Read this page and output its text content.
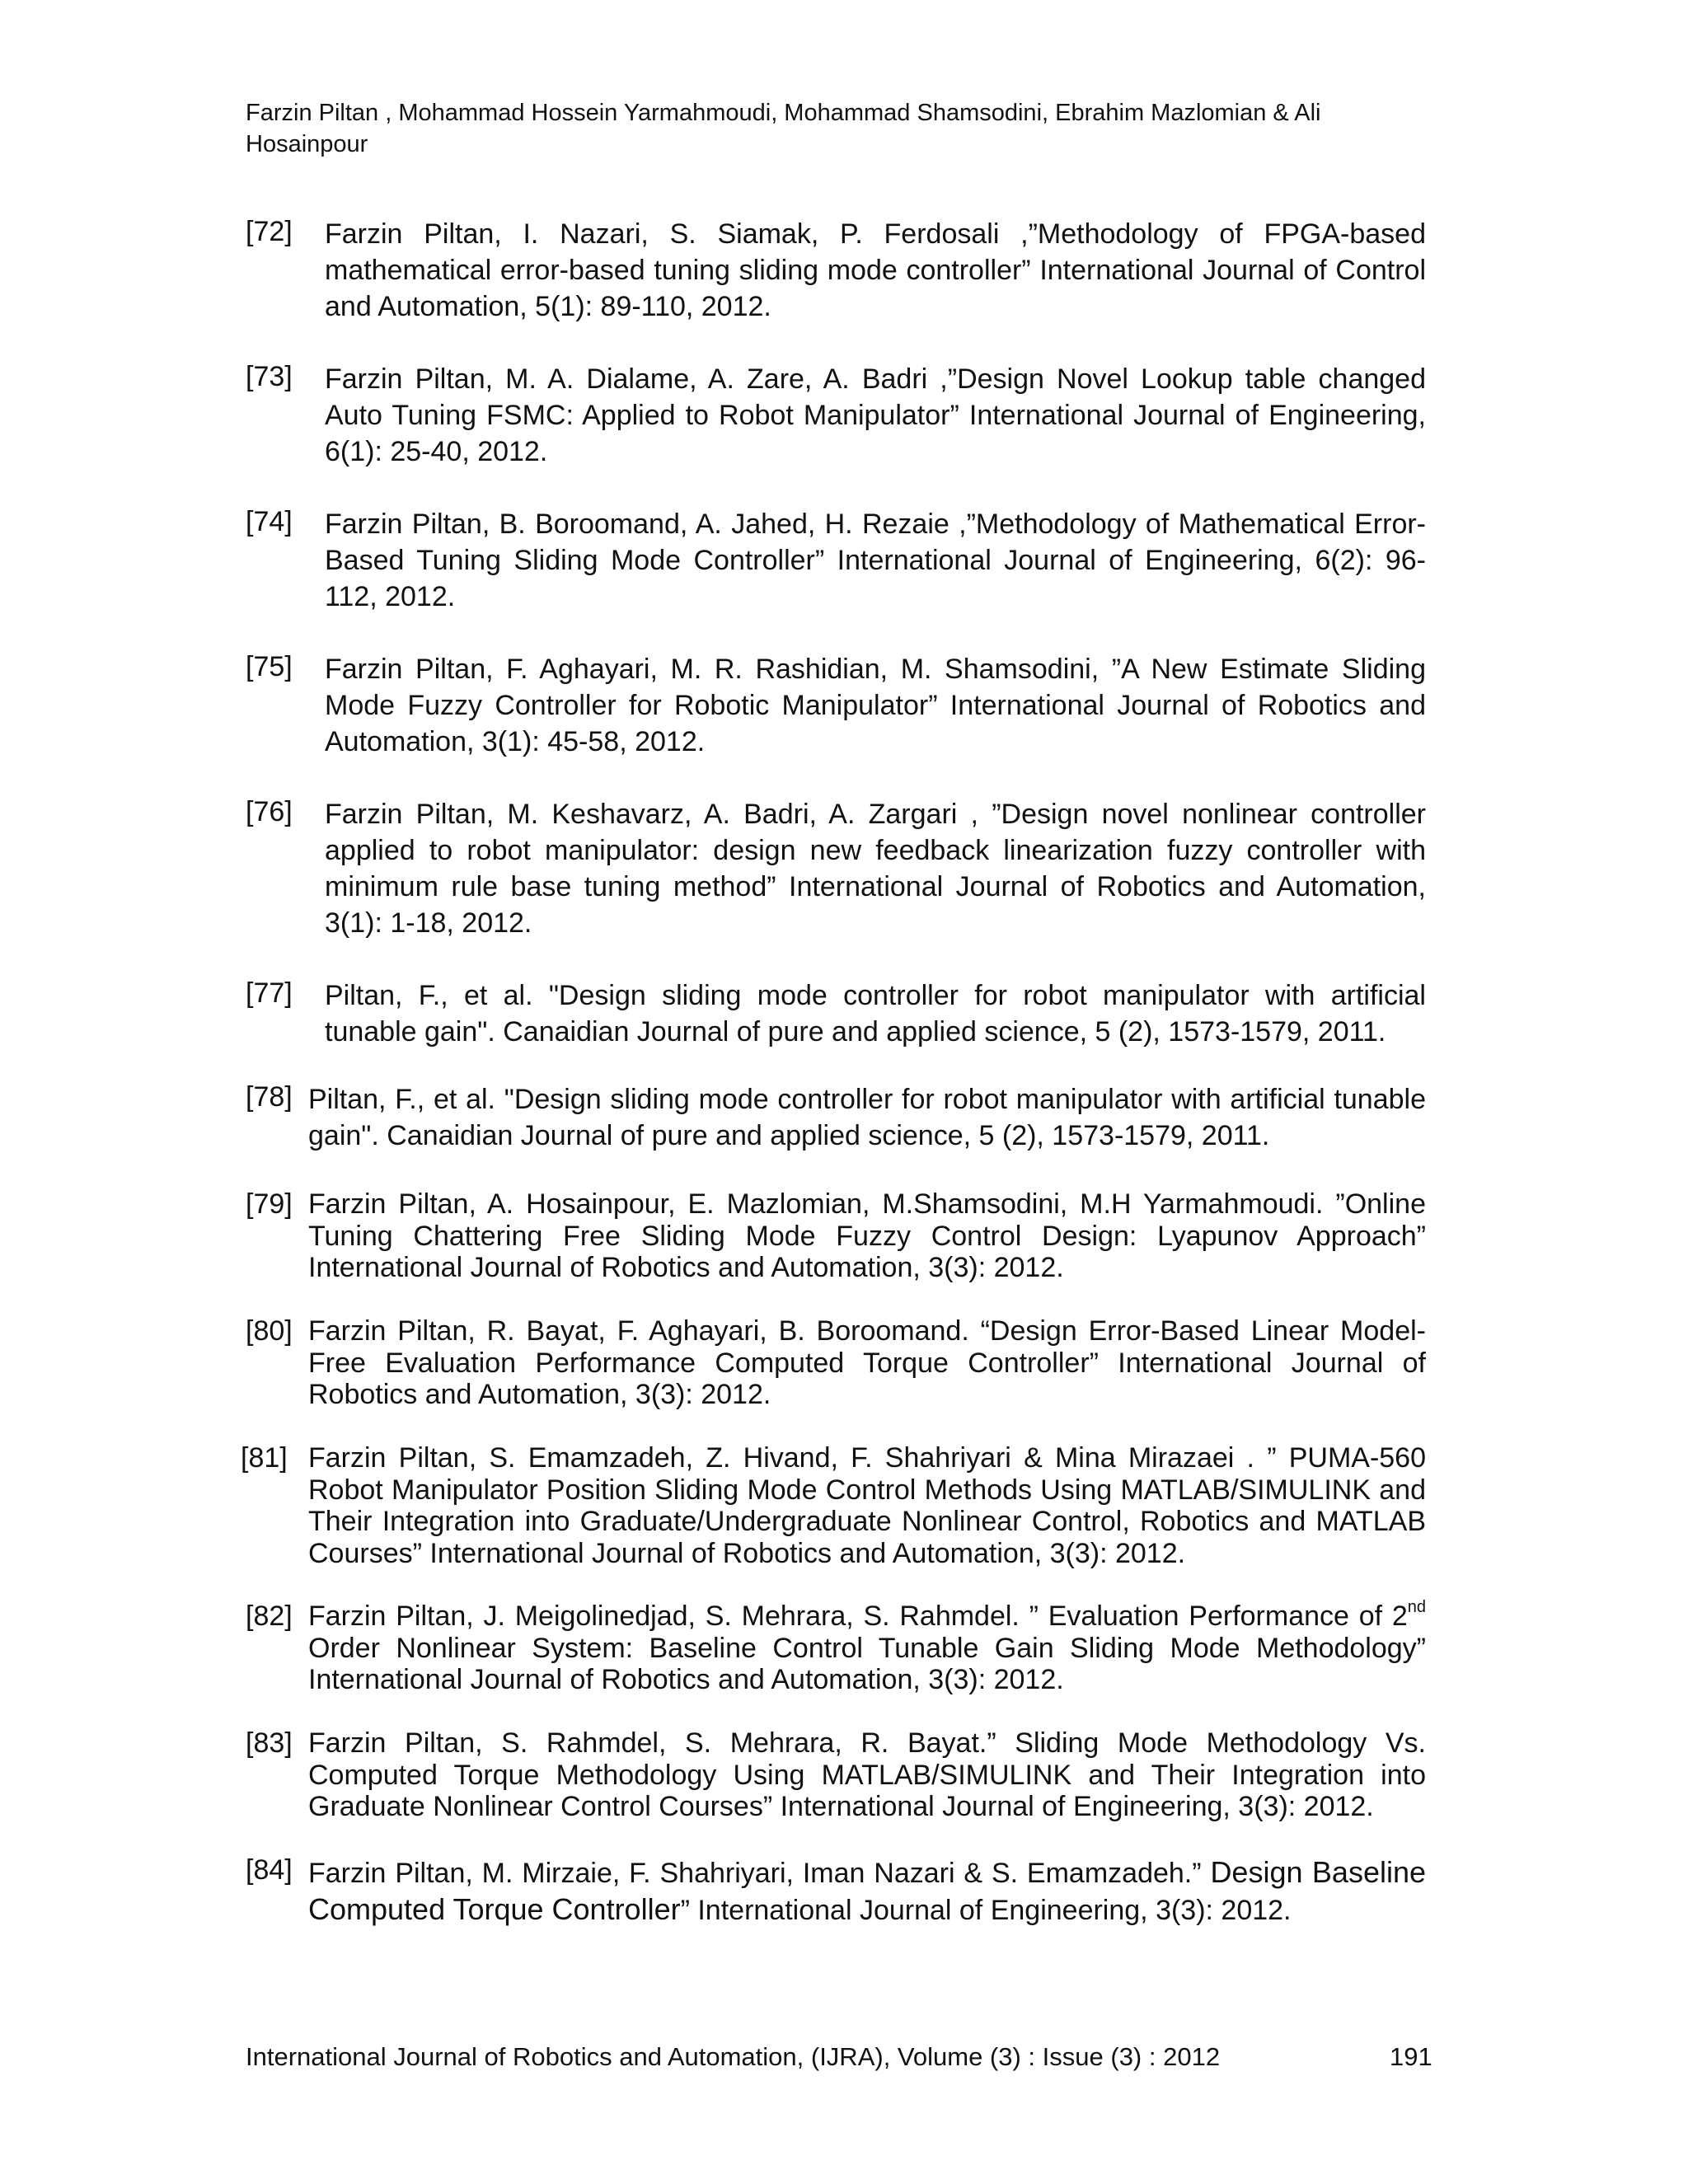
Farzin Piltan , Mohammad Hossein Yarmahmoudi, Mohammad Shamsodini, Ebrahim Mazlomian & Ali Hosainpour
[72] Farzin Piltan, I. Nazari, S. Siamak, P. Ferdosali ,”Methodology of FPGA-based mathematical error-based tuning sliding mode controller” International Journal of Control and Automation, 5(1): 89-110, 2012.
[73] Farzin Piltan, M. A. Dialame, A. Zare, A. Badri ,”Design Novel Lookup table changed Auto Tuning FSMC: Applied to Robot Manipulator” International Journal of Engineering, 6(1): 25-40, 2012.
[74] Farzin Piltan, B. Boroomand, A. Jahed, H. Rezaie ,”Methodology of Mathematical Error-Based Tuning Sliding Mode Controller” International Journal of Engineering, 6(2): 96-112, 2012.
[75] Farzin Piltan, F. Aghayari, M. R. Rashidian, M. Shamsodini, ”A New Estimate Sliding Mode Fuzzy Controller for Robotic Manipulator” International Journal of Robotics and Automation, 3(1): 45-58, 2012.
[76] Farzin Piltan, M. Keshavarz, A. Badri, A. Zargari , ”Design novel nonlinear controller applied to robot manipulator: design new feedback linearization fuzzy controller with minimum rule base tuning method” International Journal of Robotics and Automation, 3(1): 1-18, 2012.
[77] Piltan, F., et al. "Design sliding mode controller for robot manipulator with artificial tunable gain". Canaidian Journal of pure and applied science, 5 (2), 1573-1579, 2011.
[78] Piltan, F., et al. "Design sliding mode controller for robot manipulator with artificial tunable gain". Canaidian Journal of pure and applied science, 5 (2), 1573-1579, 2011.
[79] Farzin Piltan, A. Hosainpour, E. Mazlomian, M.Shamsodini, M.H Yarmahmoudi. ”Online Tuning Chattering Free Sliding Mode Fuzzy Control Design: Lyapunov Approach” International Journal of Robotics and Automation, 3(3): 2012.
[80] Farzin Piltan, R. Bayat, F. Aghayari, B. Boroomand. “Design Error-Based Linear Model-Free Evaluation Performance Computed Torque Controller” International Journal of Robotics and Automation, 3(3): 2012.
[81] Farzin Piltan, S. Emamzadeh, Z. Hivand, F. Shahriyari & Mina Mirazaei . ” PUMA-560 Robot Manipulator Position Sliding Mode Control Methods Using MATLAB/SIMULINK and Their Integration into Graduate/Undergraduate Nonlinear Control, Robotics and MATLAB Courses” International Journal of Robotics and Automation, 3(3): 2012.
[82] Farzin Piltan, J. Meigolinedjad, S. Mehrara, S. Rahmdel. ” Evaluation Performance of 2nd Order Nonlinear System: Baseline Control Tunable Gain Sliding Mode Methodology” International Journal of Robotics and Automation, 3(3): 2012.
[83] Farzin Piltan, S. Rahmdel, S. Mehrara, R. Bayat.” Sliding Mode Methodology Vs. Computed Torque Methodology Using MATLAB/SIMULINK and Their Integration into Graduate Nonlinear Control Courses” International Journal of Engineering, 3(3): 2012.
[84] Farzin Piltan, M. Mirzaie, F. Shahriyari, Iman Nazari & S. Emamzadeh.” Design Baseline Computed Torque Controller” International Journal of Engineering, 3(3): 2012.
International Journal of Robotics and Automation, (IJRA), Volume (3) : Issue (3) : 2012	191
